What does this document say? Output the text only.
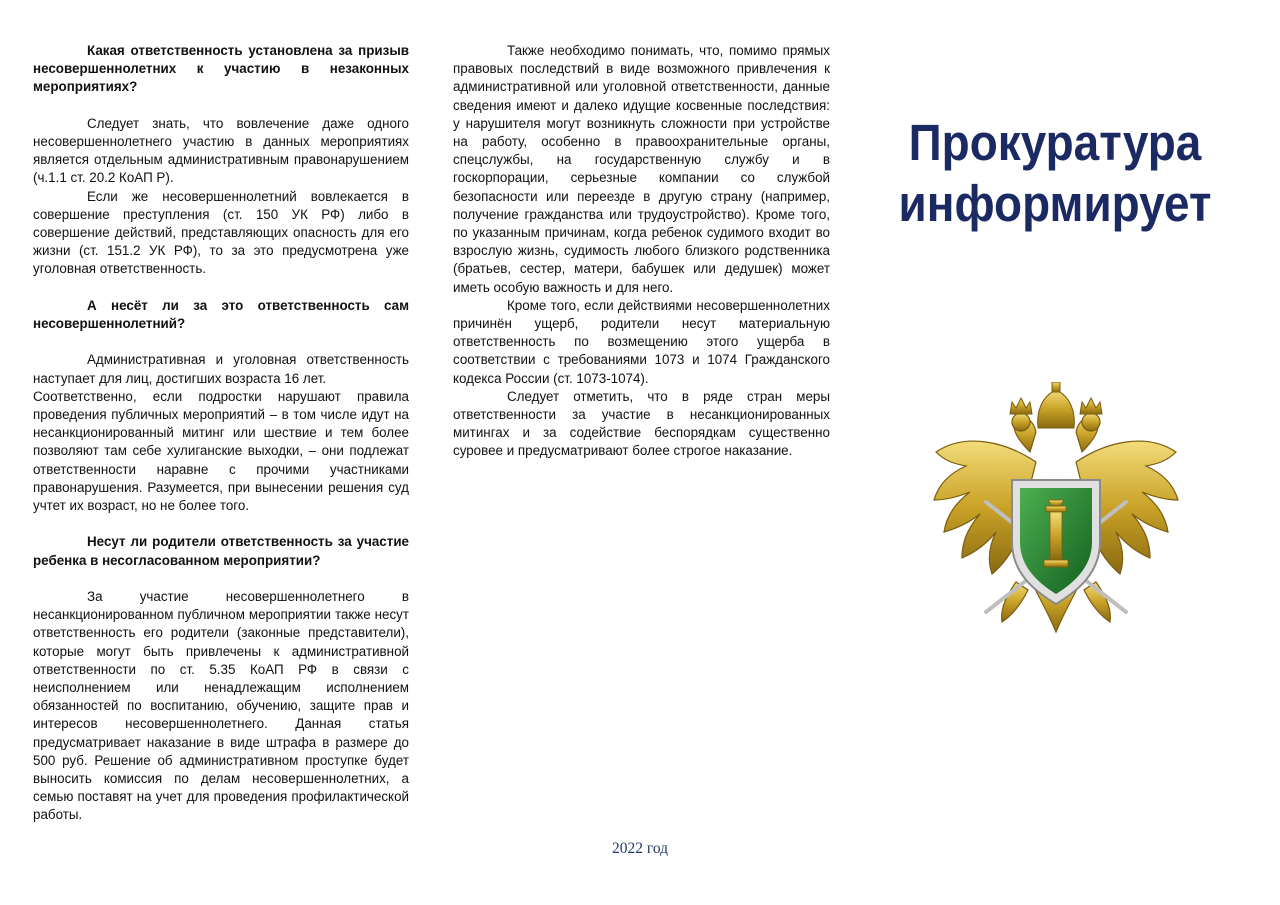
Какая ответственность установлена за призыв несовершеннолетних к участию в незаконных мероприятиях?

Следует знать, что вовлечение даже одного несовершеннолетнего участию в данных мероприятиях является отдельным административным правонарушением (ч.1.1 ст. 20.2 КоАП Р).

Если же несовершеннолетний вовлекается в совершение преступления (ст. 150 УК РФ) либо в совершение действий, представляющих опасность для его жизни (ст. 151.2 УК РФ), то за это предусмотрена уже уголовная ответственность.

А несёт ли за это ответственность сам несовершеннолетний?

Административная и уголовная ответственность наступает для лиц, достигших возраста 16 лет.

Соответственно, если подростки нарушают правила проведения публичных мероприятий – в том числе идут на несанкционированный митинг или шествие и тем более позволяют там себе хулиганские выходки, – они подлежат ответственности наравне с прочими участниками правонарушения. Разумеется, при вынесении решения суд учтет их возраст, но не более того.

Несут ли родители ответственность за участие ребенка в несогласованном мероприятии?

За участие несовершеннолетнего в несанкционированном публичном мероприятии также несут ответственность его родители (законные представители), которые могут быть привлечены к административной ответственности по ст. 5.35 КоАП РФ в связи с неисполнением или ненадлежащим исполнением обязанностей по воспитанию, обучению, защите прав и интересов несовершеннолетнего. Данная статья предусматривает наказание в виде штрафа в размере до 500 руб. Решение об административном проступке будет выносить комиссия по делам несовершеннолетних, а семью поставят на учет для проведения профилактической работы.

Также необходимо понимать, что, помимо прямых правовых последствий в виде возможного привлечения к административной или уголовной ответственности, данные сведения имеют и далеко идущие косвенные последствия: у нарушителя могут возникнуть сложности при устройстве на работу, особенно в правоохранительные органы, спецслужбы, на государственную службу и в госкорпорации, серьезные компании со службой безопасности или переезде в другую страну (например, получение гражданства или трудоустройство). Кроме того, по указанным причинам, когда ребенок судимого входит во взрослую жизнь, судимость любого близкого родственника (братьев, сестер, матери, бабушек или дедушек) может иметь особую важность и для него.

Кроме того, если действиями несовершеннолетних причинён ущерб, родители несут материальную ответственность по возмещению этого ущерба в соответствии с требованиями 1073 и 1074 Гражданского кодекса России (ст. 1073-1074).

Следует отметить, что в ряде стран меры ответственности за участие в несанкционированных митингах и за содействие беспорядкам существенно суровее и предусматривают более строгое наказание.

Прокуратура
информирует
2022 год
